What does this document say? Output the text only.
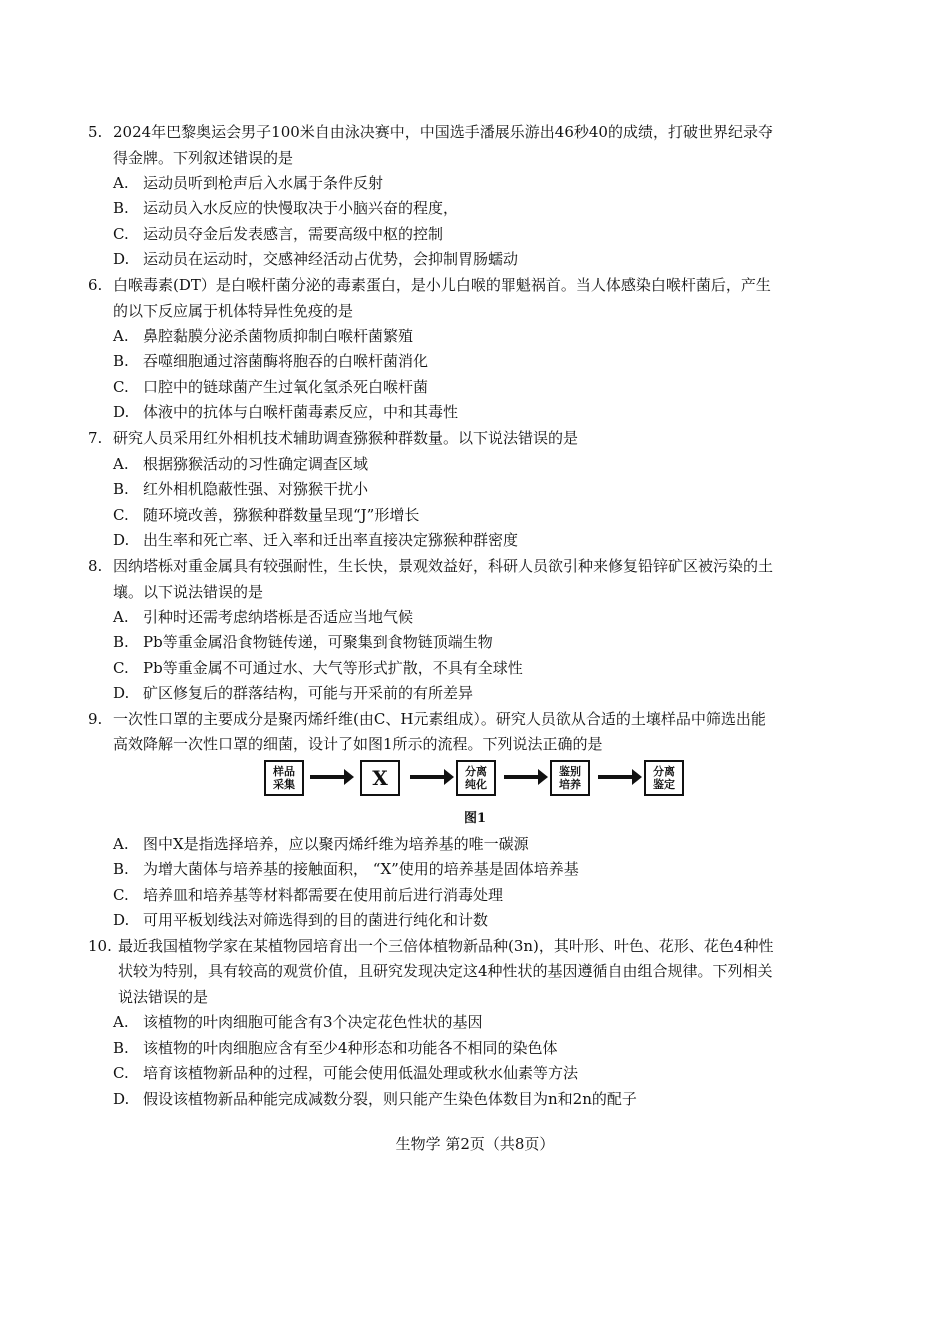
5. 2024年巴黎奥运会男子100米自由泳决赛中，中国选手潘展乐游出46秒40的成绩，打破世界纪录夺
得金牌。下列叙述错误的是
A. 运动员听到枪声后入水属于条件反射
B. 运动员入水反应的快慢取决于小脑兴奋的程度，
C. 运动员夺金后发表感言，需要高级中枢的控制
D. 运动员在运动时，交感神经活动占优势，会抑制胃肠蠕动
6. 白喉毒素(DT）是白喉杆菌分泌的毒素蛋白，是小儿白喉的罪魁祸首。当人体感染白喉杆菌后，产生
的以下反应属于机体特异性免疫的是
A. 鼻腔黏膜分泌杀菌物质抑制白喉杆菌繁殖
B. 吞噬细胞通过溶菌酶将胞吞的白喉杆菌消化
C. 口腔中的链球菌产生过氧化氢杀死白喉杆菌
D. 体液中的抗体与白喉杆菌毒素反应，中和其毒性
7. 研究人员采用红外相机技术辅助调查猕猴种群数量。以下说法错误的是
A. 根据猕猴活动的习性确定调查区域
B. 红外相机隐蔽性强、对猕猴干扰小
C. 随环境改善，猕猴种群数量呈现“J”形增长
D. 出生率和死亡率、迁入率和迁出率直接决定猕猴种群密度
8. 因纳塔栎对重金属具有较强耐性，生长快，景观效益好，科研人员欲引种来修复铅锌矿区被污染的土
壤。以下说法错误的是
A. 引种时还需考虑纳塔栎是否适应当地气候
B. Pb等重金属沿食物链传递，可聚集到食物链顶端生物
C. Pb等重金属不可通过水、大气等形式扩散，不具有全球性
D. 矿区修复后的群落结构，可能与开采前的有所差异
9. 一次性口罩的主要成分是聚丙烯纤维(由C、H元素组成）。研究人员欲从合适的土壤样品中筛选出能
高效降解一次性口罩的细菌，设计了如图1所示的流程。下列说法正确的是
样品
采集	X	分离
纯化
鉴别
培养
分离
鉴定
图1
A. 图中X是指选择培养，应以聚丙烯纤维为培养基的唯一碳源
B. 为增大菌体与培养基的接触面积， “X”使用的培养基是固体培养基
C. 培养皿和培养基等材料都需要在使用前后进行消毒处理
D. 可用平板划线法对筛选得到的目的菌进行纯化和计数
10. 最近我国植物学家在某植物园培育出一个三倍体植物新品种(3n)，其叶形、叶色、花形、花色4种性
状较为特别，具有较高的观赏价值，且研究发现决定这4种性状的基因遵循自由组合规律。下列相关
说法错误的是
A. 该植物的叶肉细胞可能含有3个决定花色性状的基因
B. 该植物的叶肉细胞应含有至少4种形态和功能各不相同的染色体
C. 培育该植物新品种的过程，可能会使用低温处理或秋水仙素等方法
D. 假设该植物新品种能完成减数分裂，则只能产生染色体数目为n和2n的配子
生物学 第2页（共8页）
